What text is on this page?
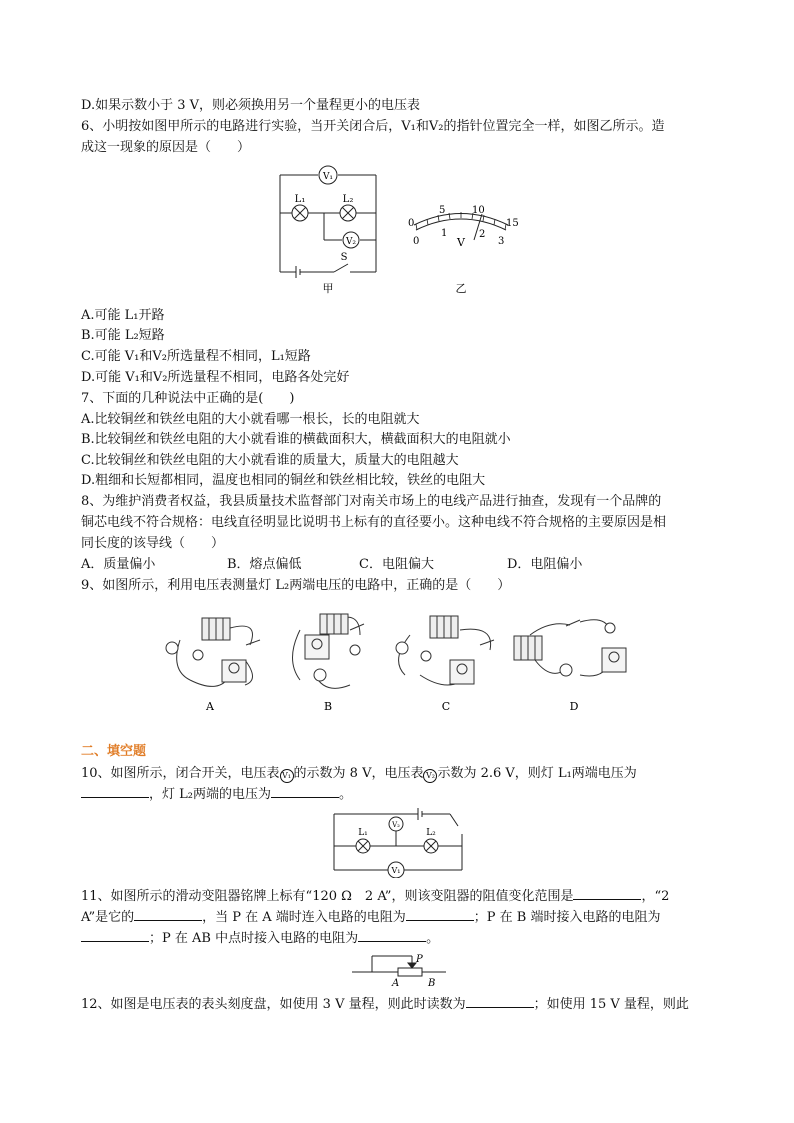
D.如果示数小于 3 V，则必须换用另一个量程更小的电压表
6、小明按如图甲所示的电路进行实验，当开关闭合后，V₁和V₂的指针位置完全一样，如图乙所示。造
成这一现象的原因是（　　）
V₁
L₁	L₂
V₂
S
甲
0
5	10
15
0
1	2
3
V
乙
A.可能 L₁开路
B.可能 L₂短路
C.可能 V₁和V₂所选量程不相同，L₁短路
D.可能 V₁和V₂所选量程不相同，电路各处完好
7、下面的几种说法中正确的是(　　)
A.比较铜丝和铁丝电阻的大小就看哪一根长，长的电阻就大
B.比较铜丝和铁丝电阻的大小就看谁的横截面积大，横截面积大的电阻就小
C.比较铜丝和铁丝电阻的大小就看谁的质量大，质量大的电阻越大
D.粗细和长短都相同，温度也相同的铜丝和铁丝相比较，铁丝的电阻大
8、为维护消费者权益，我县质量技术监督部门对南关市场上的电线产品进行抽查，发现有一个品牌的
铜芯电线不符合规格：电线直径明显比说明书上标有的直径要小。这种电线不符合规格的主要原因是相
同长度的该导线（　　）
A．质量偏小	B．熔点偏低	C．电阻偏大	D．电阻偏小
9、如图所示，利用电压表测量灯 L₂两端电压的电路中，正确的是（　　）
A	B	C	D
二、填空题
10、如图所示，闭合开关，电压表 V₁ 的示数为 8 V，电压表 V₂ 示数为 2.6 V，则灯 L₁两端电压为
，灯 L₂两端的电压为	。
L₁
V₂
L₂
V₁
11、如图所示的滑动变阻器铭牌上标有“120 Ω　2 A”，则该变阻器的阻值变化范围是	，“2
A”是它的	，当 P 在 A 端时连入电路的电阻为	；P 在 B 端时接入电路的电阻为
；P 在 AB 中点时接入电路的电阻为	。
P
A	B
12、如图是电压表的表头刻度盘，如使用 3 V 量程，则此时读数为	；如使用 15 V 量程，则此
